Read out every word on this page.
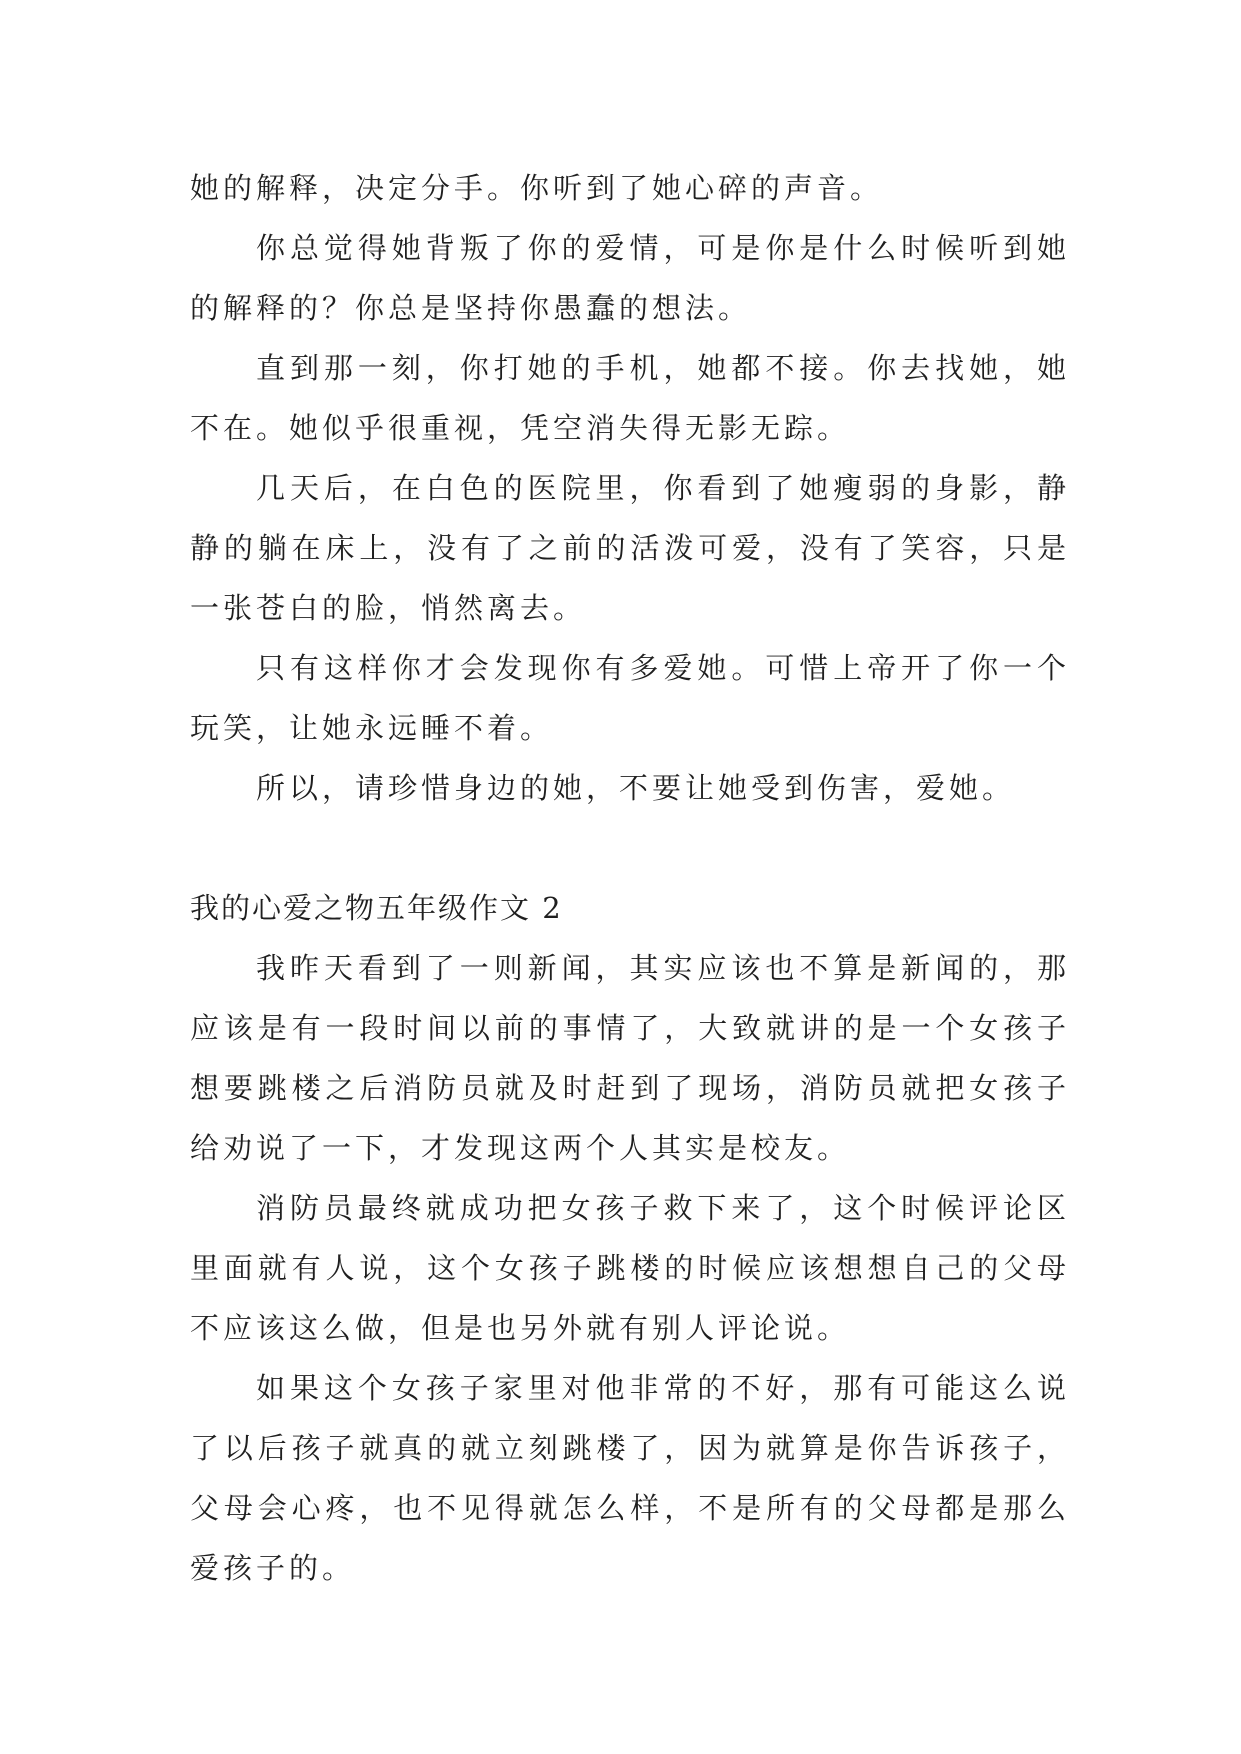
她的解释，决定分手。你听到了她心碎的声音。

你总觉得她背叛了你的爱情，可是你是什么时候听到她的解释的？你总是坚持你愚蠢的想法。

直到那一刻，你打她的手机，她都不接。你去找她，她不在。她似乎很重视，凭空消失得无影无踪。

几天后，在白色的医院里，你看到了她瘦弱的身影，静静的躺在床上，没有了之前的活泼可爱，没有了笑容，只是一张苍白的脸，悄然离去。

只有这样你才会发现你有多爱她。可惜上帝开了你一个玩笑，让她永远睡不着。

所以，请珍惜身边的她，不要让她受到伤害，爱她。

我的心爱之物五年级作文 2

我昨天看到了一则新闻，其实应该也不算是新闻的，那应该是有一段时间以前的事情了，大致就讲的是一个女孩子想要跳楼之后消防员就及时赶到了现场，消防员就把女孩子给劝说了一下，才发现这两个人其实是校友。

消防员最终就成功把女孩子救下来了，这个时候评论区里面就有人说，这个女孩子跳楼的时候应该想想自己的父母不应该这么做，但是也另外就有别人评论说。

如果这个女孩子家里对他非常的不好，那有可能这么说了以后孩子就真的就立刻跳楼了，因为就算是你告诉孩子，父母会心疼，也不见得就怎么样，不是所有的父母都是那么爱孩子的。
